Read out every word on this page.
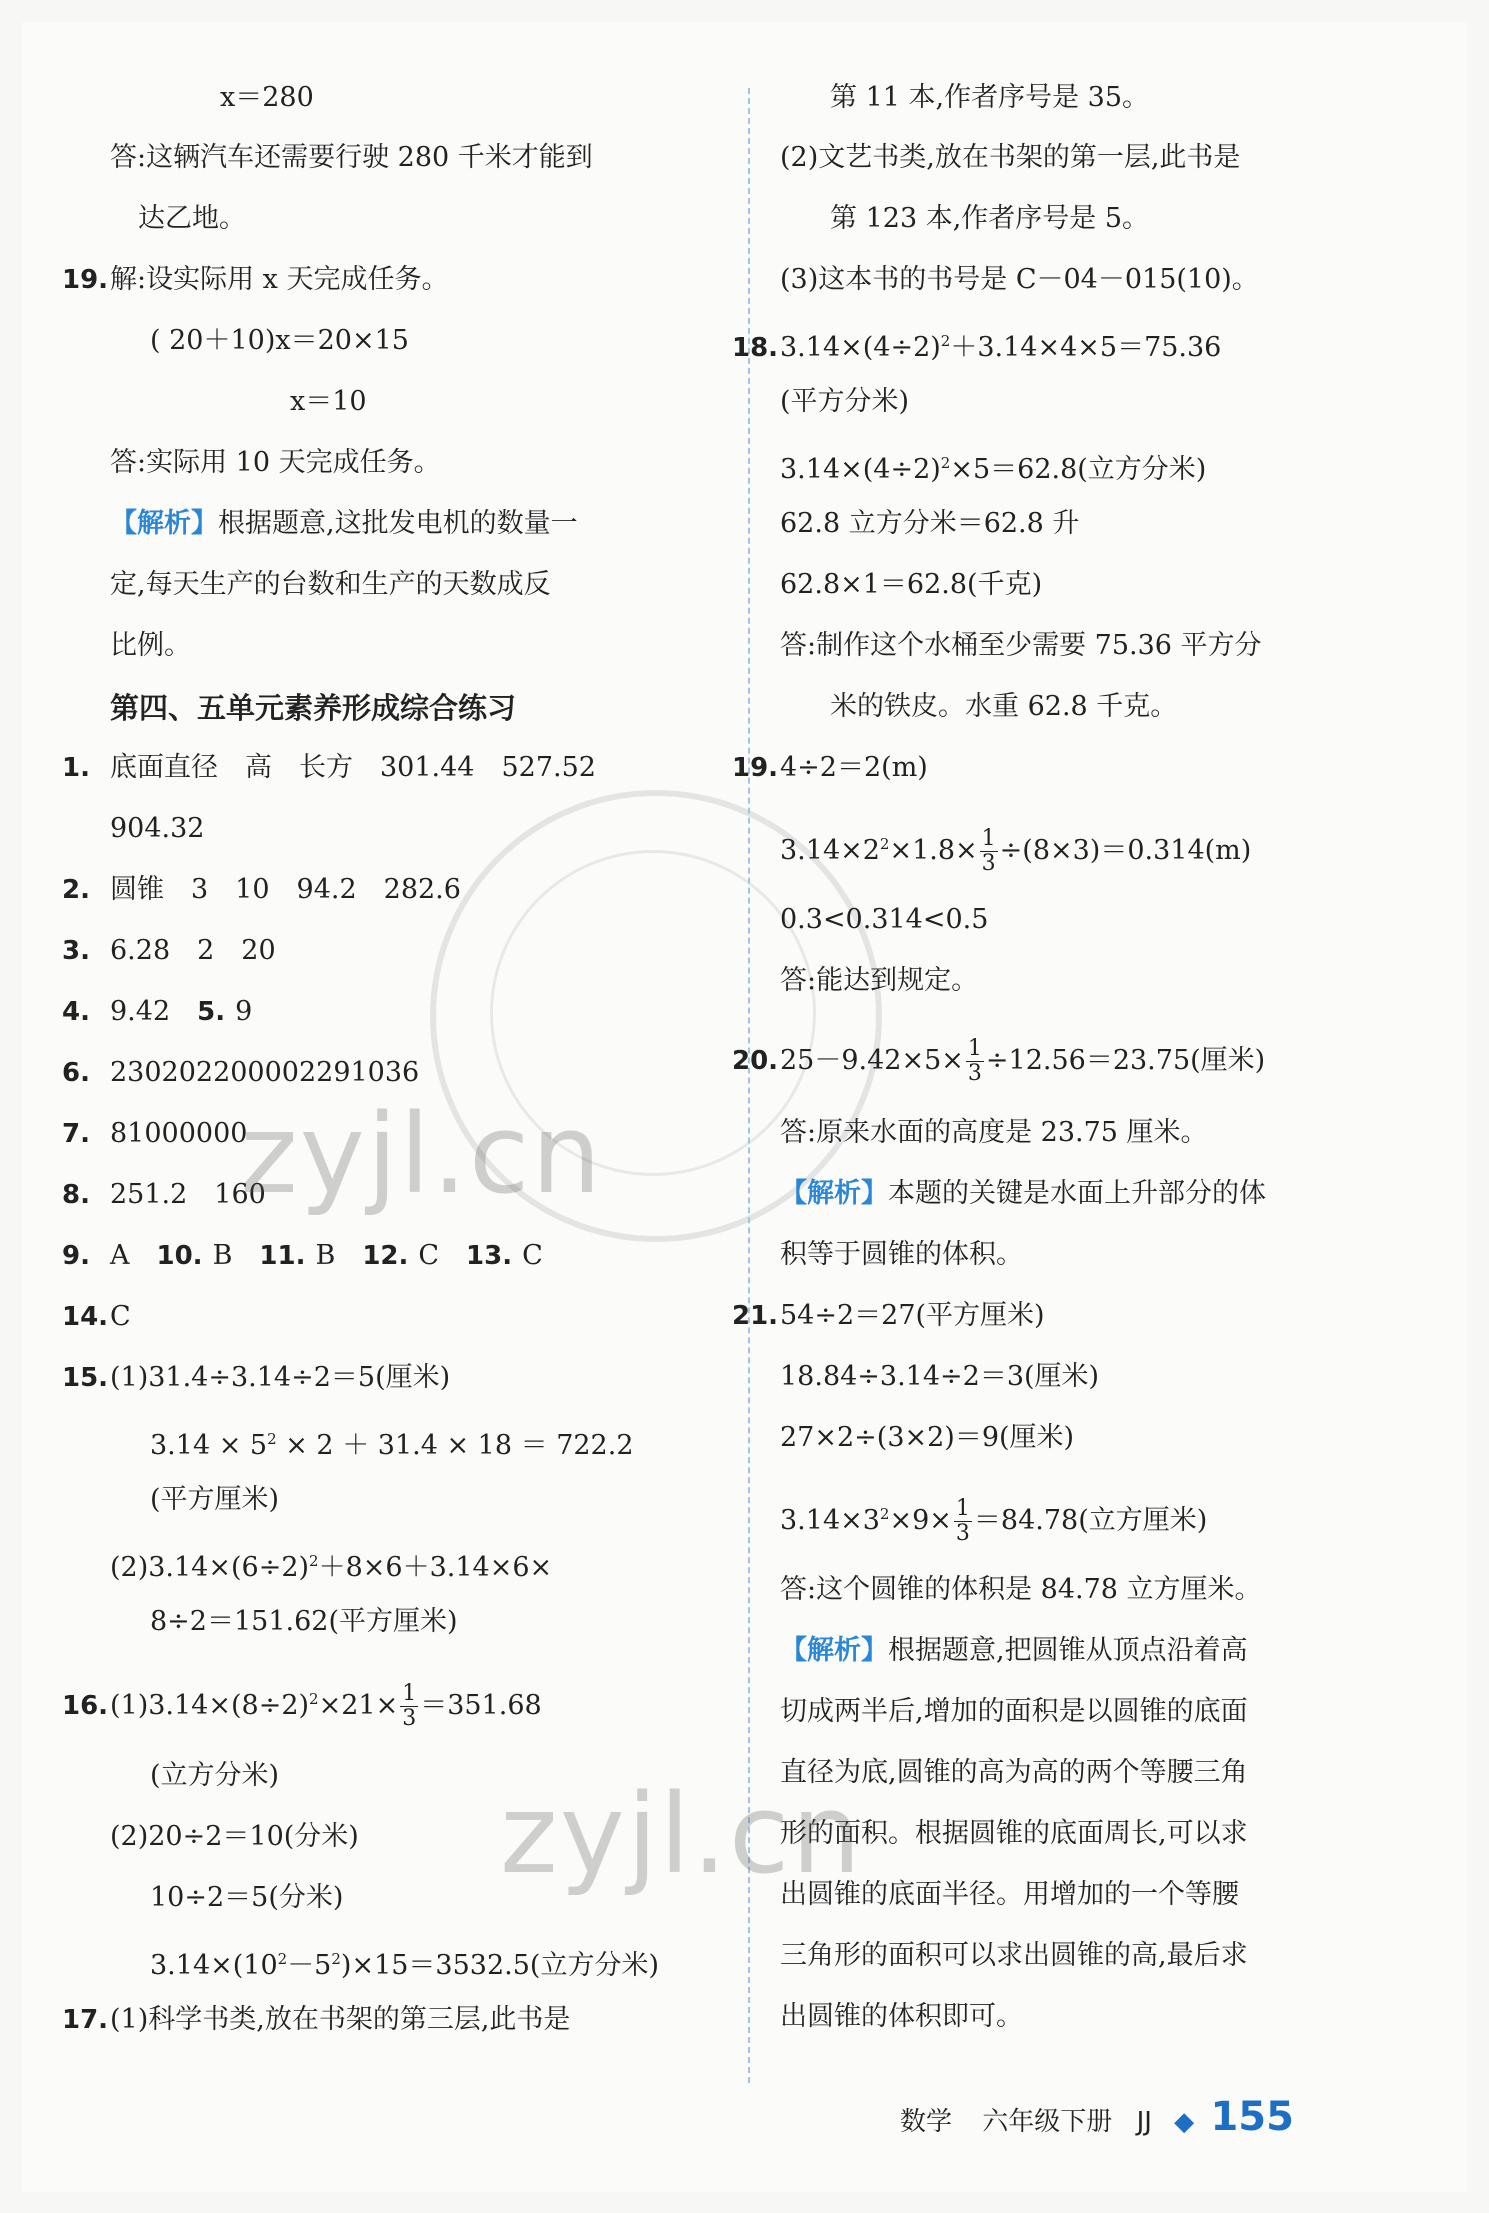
x＝280
答:这辆汽车还需要行驶 280 千米才能到
达乙地。
19.解:设实际用 x 天完成任务。
( 20＋10)x＝20×15
x＝10
答:实际用 10 天完成任务。
【解析】根据题意,这批发电机的数量一
定,每天生产的台数和生产的天数成反
比例。
第四、五单元素养形成综合练习
1. 底面直径　高　长方　301.44　527.52
904.32
2. 圆锥　3　10　94.2　282.6
3. 6.28　2　20
4. 9.42　5. 9
6. 230202200002291036
7. 81000000
8. 251.2　160
9. A　10. B　11. B　12. C　13. C
14.C
15.(1)31.4÷3.14÷2＝5(厘米)
$3.14 \times 5^2 \times 2 + 31.4 \times 18 = 722.2$
(平方厘米)
$(2)3.14\times(6\div 2)^2+8\times 6+3.14\times 6\times$
8÷2＝151.62(平方厘米)
$16.(1)3.14\times(8\div 2)^2\times 21\times \frac{1}{3} =351.68$
(立方分米)
(2)20÷2＝10(分米)
10÷2＝5(分米)
$3.14\times(10^2-5^2)\times 15=3532.5$(立方分米)
17.(1)科学书类,放在书架的第三层,此书是
第 11 本,作者序号是 35。
(2)文艺书类,放在书架的第一层,此书是
第 123 本,作者序号是 5。
(3)这本书的书号是 C－04－015(10)。
$18.3.14\times(4\div 2)^2+3.14\times 4\times 5=75.36$
(平方分米)
$3.14\times(4\div 2)^2\times 5=62.8$(立方分米)
62.8 立方分米＝62.8 升
62.8×1＝62.8(千克)
答:制作这个水桶至少需要 75.36 平方分
米的铁皮。水重 62.8 千克。
19.4÷2＝2(m)
$3.14\times 2^2\times 1.8\times \frac{1}{3} \div(8\times 3)=0.314(m)$
0.3<0.314<0.5
答:能达到规定。
$20.25-9.42\times 5\times \frac{1}{3} \div 12.56=23.75$(厘米)
答:原来水面的高度是 23.75 厘米。
【解析】本题的关键是水面上升部分的体
积等于圆锥的体积。
21.54÷2＝27(平方厘米)
18.84÷3.14÷2＝3(厘米)
27×2÷(3×2)＝9(厘米)
$3.14\times 3^2\times 9\times \frac{1}{3} =84.78$(立方厘米)
答:这个圆锥的体积是 84.78 立方厘米。
【解析】根据题意,把圆锥从顶点沿着高
切成两半后,增加的面积是以圆锥的底面
直径为底,圆锥的高为高的两个等腰三角
形的面积。根据圆锥的底面周长,可以求
出圆锥的底面半径。用增加的一个等腰
三角形的面积可以求出圆锥的高,最后求
出圆锥的体积即可。
zyjl.cn
zyjl.cn
数学 六年级下册 JJ ◆ 155
